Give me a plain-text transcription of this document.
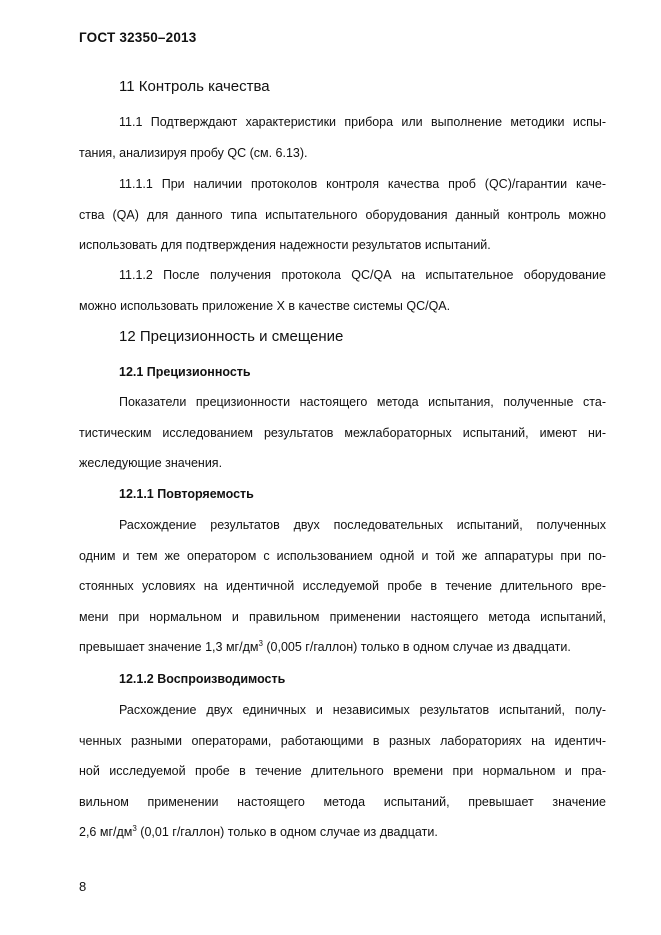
ГОСТ 32350–2013
11 Контроль качества
11.1 Подтверждают характеристики прибора или выполнение методики испы-
тания, анализируя пробу QC (см. 6.13).
11.1.1 При наличии протоколов контроля качества проб (QC)/гарантии каче-
ства (QA) для данного типа испытательного оборудования данный контроль можно
использовать для подтверждения надежности результатов испытаний.
11.1.2 После получения протокола QC/QA на испытательное оборудование
можно использовать приложение X в качестве системы QC/QA.
12 Прецизионность и смещение
12.1 Прецизионность
Показатели прецизионности настоящего метода испытания, полученные ста-
тистическим исследованием результатов межлабораторных испытаний, имеют ни-
жеследующие значения.
12.1.1 Повторяемость
Расхождение результатов двух последовательных испытаний, полученных
одним и тем же оператором с использованием одной и той же аппаратуры при по-
стоянных условиях на идентичной исследуемой пробе в течение длительного вре-
мени при нормальном и правильном применении настоящего метода испытаний,
превышает значение 1,3 $мг/дм^3$ (0,005 г/галлон) только в одном случае из двадцати.
12.1.2 Воспроизводимость
Расхождение двух единичных и независимых результатов испытаний, полу-
ченных разными операторами, работающими в разных лабораториях на идентич-
ной исследуемой пробе в течение длительного времени при нормальном и пра-
вильном применении настоящего метода испытаний, превышает значение
2,6 $мг/дм^3$ (0,01 г/галлон) только в одном случае из двадцати.
8
